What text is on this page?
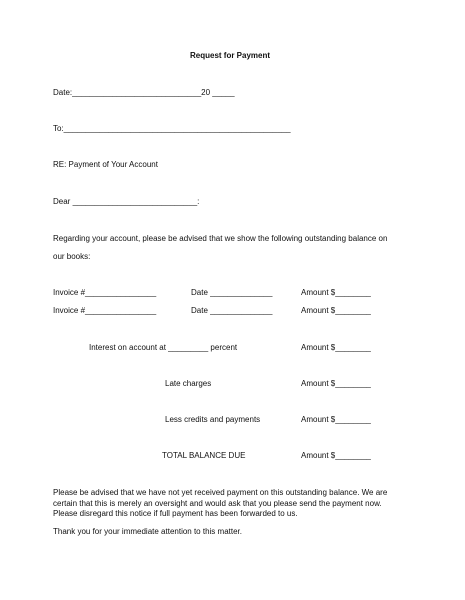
Request for Payment
Date:_____________________________20 _____
To:___________________________________________________
RE: Payment of Your Account
Dear ____________________________:
Regarding your account, please be advised that we show the following outstanding balance on
our books:
Invoice #________________	Date ______________	Amount $________
Invoice #________________	Date ______________	Amount $________
Interest on account at _________ percent	Amount $________
Late charges	Amount $________
Less credits and payments	Amount $________
TOTAL BALANCE DUE	Amount $________
Please be advised that we have not yet received payment on this outstanding balance. We are certain that this is merely an oversight and would ask that you please send the payment now. Please disregard this notice if full payment has been forwarded to us.
Thank you for your immediate attention to this matter.
